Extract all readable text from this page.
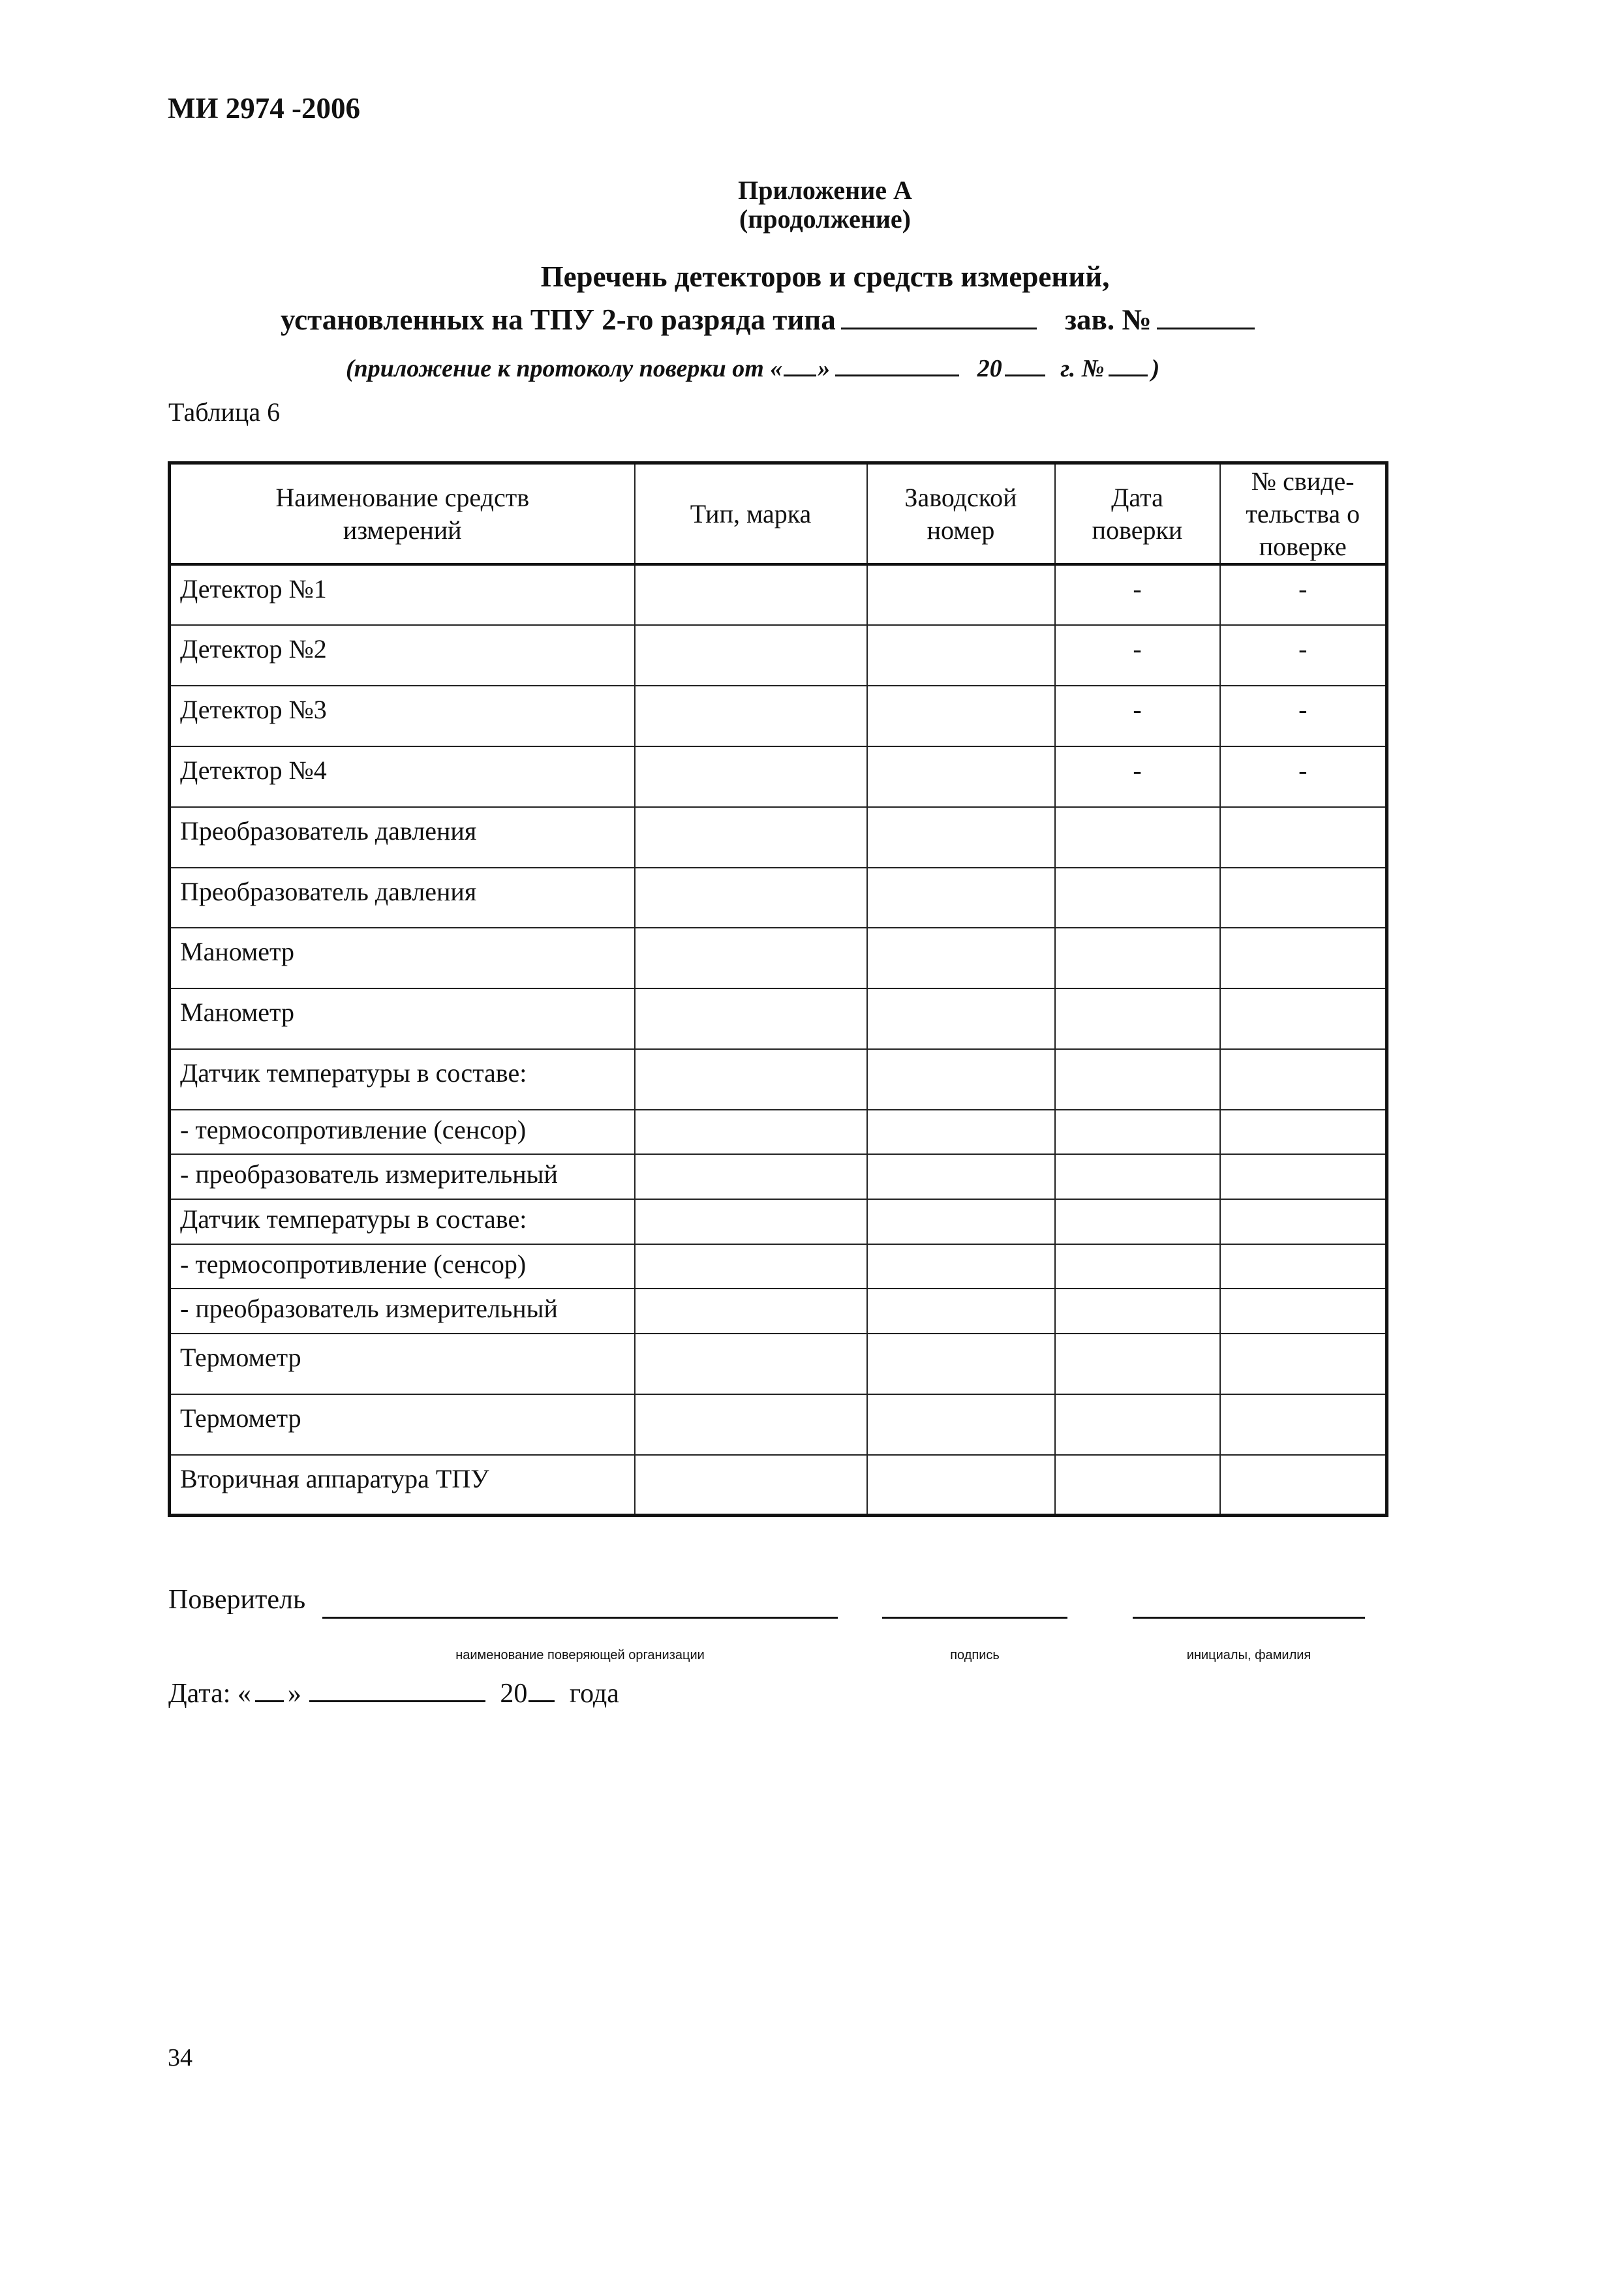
МИ 2974 -2006
Приложение А
(продолжение)
Перечень детекторов и средств измерений,
установленных на ТПУ 2-го разряда типа	зав. №
(приложение к протоколу поверки от « »	20 г. № )
Таблица 6
Наименование средств измерений	Тип, марка	Заводской номер	Дата поверки	№ свиде-тельства о поверке
Детектор №1			-	-
Детектор №2			-	-
Детектор №3			-	-
Детектор №4			-	-
Преобразователь давления				
Преобразователь давления				
Манометр				
Манометр				
Датчик температуры в составе:				
- термосопротивление (сенсор)				
- преобразователь измерительный				
Датчик температуры в составе:				
- термосопротивление (сенсор)				
- преобразователь измерительный				
Термометр				
Термометр				
Вторичная аппаратура ТПУ				
Поверитель
наименование поверяющей организации	подпись	инициалы, фамилия
Дата: « »	20 года
34
